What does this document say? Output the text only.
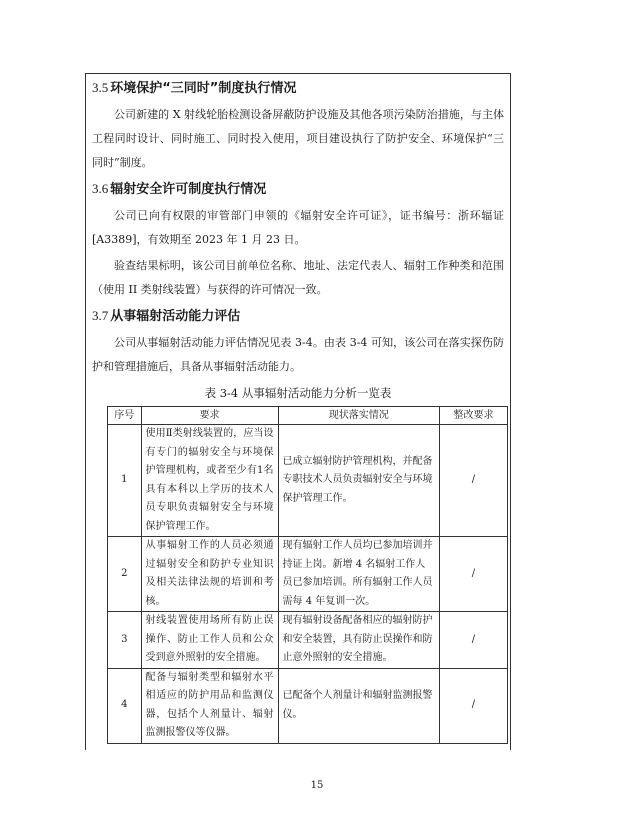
3.5 环境保护“三同时”制度执行情况

公司新建的 X 射线轮胎检测设备屏蔽防护设施及其他各项污染防治措施，与主体工程同时设计、同时施工、同时投入使用，项目建设执行了防护安全、环境保护“三同时”制度。

3.6 辐射安全许可制度执行情况

公司已向有权限的审管部门申领的《辐射安全许可证》，证书编号：浙环辐证[A3389]，有效期至 2023 年 1 月 23 日。

验查结果标明，该公司目前单位名称、地址、法定代表人、辐射工作种类和范围（使用 II 类射线装置）与获得的许可情况一致。

3.7 从事辐射活动能力评估

公司从事辐射活动能力评估情况见表 3-4。由表 3-4 可知，该公司在落实探伤防护和管理措施后，具备从事辐射活动能力。

表 3-4 从事辐射活动能力分析一览表

序号	要求	现状落实情况	整改要求
1	使用Ⅱ类射线装置的，应当设有专门的辐射安全与环境保护管理机构，或者至少有1名具有本科以上学历的技术人员专职负责辐射安全与环境保护管理工作。	已成立辐射防护管理机构，并配备专职技术人员负责辐射安全与环境保护管理工作。	/
2	从事辐射工作的人员必须通过辐射安全和防护专业知识及相关法律法规的培训和考核。	现有辐射工作人员均已参加培训并持证上岗。新增 4 名辐射工作人员已参加培训。所有辐射工作人员需每 4 年复训一次。	/
3	射线装置使用场所有防止误操作、防止工作人员和公众受到意外照射的安全措施。	现有辐射设备配备相应的辐射防护和安全装置，具有防止误操作和防止意外照射的安全措施。	/
4	配备与辐射类型和辐射水平相适应的防护用品和监测仪器，包括个人剂量计、辐射监测报警仪等仪器。	已配备个人剂量计和辐射监测报警仪。	/
15
